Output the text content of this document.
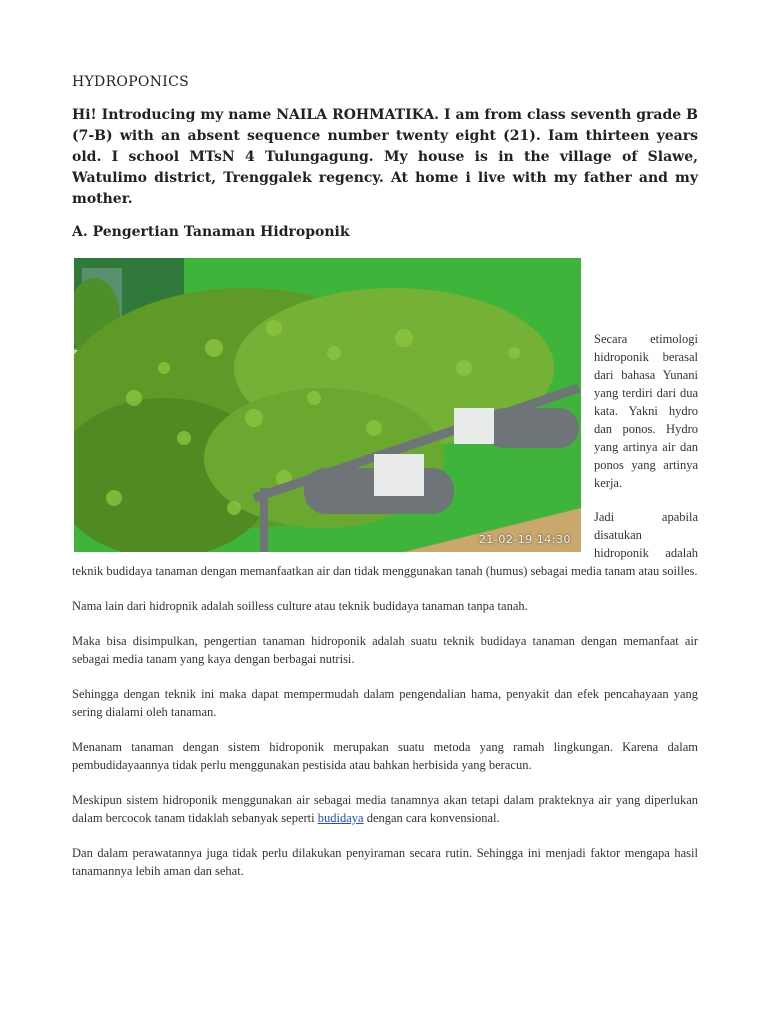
HYDROPONICS
Hi! Introducing my name NAILA ROHMATIKA. I am from class seventh grade B (7-B) with an absent sequence number twenty eight (21). Iam thirteen years old. I school MTsN 4 Tulungagung. My house is in the village of Slawe, Watulimo district, Trenggalek regency. At home i live with my father and my mother.
A. Pengertian Tanaman Hidroponik
21-02-19 14:30
Secara etimologi hidroponik berasal dari bahasa Yunani yang terdiri dari dua kata. Yakni hydro dan ponos. Hydro yang artinya air dan ponos yang artinya kerja.
Jadi apabila disatukan hidroponik adalah teknik budidaya tanaman dengan memanfaatkan air dan tidak menggunakan tanah (humus) sebagai media tanam atau soilles.
Nama lain dari hidropnik adalah soilless culture atau teknik budidaya tanaman tanpa tanah.
Maka bisa disimpulkan, pengertian tanaman hidroponik adalah suatu teknik budidaya tanaman dengan memanfaat air sebagai media tanam yang kaya dengan berbagai nutrisi.
Sehingga dengan teknik ini maka dapat mempermudah dalam pengendalian hama, penyakit dan efek pencahayaan yang sering dialami oleh tanaman.
Menanam tanaman dengan sistem hidroponik merupakan suatu metoda yang ramah lingkungan. Karena dalam pembudidayaannya tidak perlu menggunakan pestisida atau bahkan herbisida yang beracun.
Meskipun sistem hidroponik menggunakan air sebagai media tanamnya akan tetapi dalam prakteknya air yang diperlukan dalam bercocok tanam tidaklah sebanyak seperti budidaya dengan cara konvensional.
Dan dalam perawatannya juga tidak perlu dilakukan penyiraman secara rutin. Sehingga ini menjadi faktor mengapa hasil tanamannya lebih aman dan sehat.
